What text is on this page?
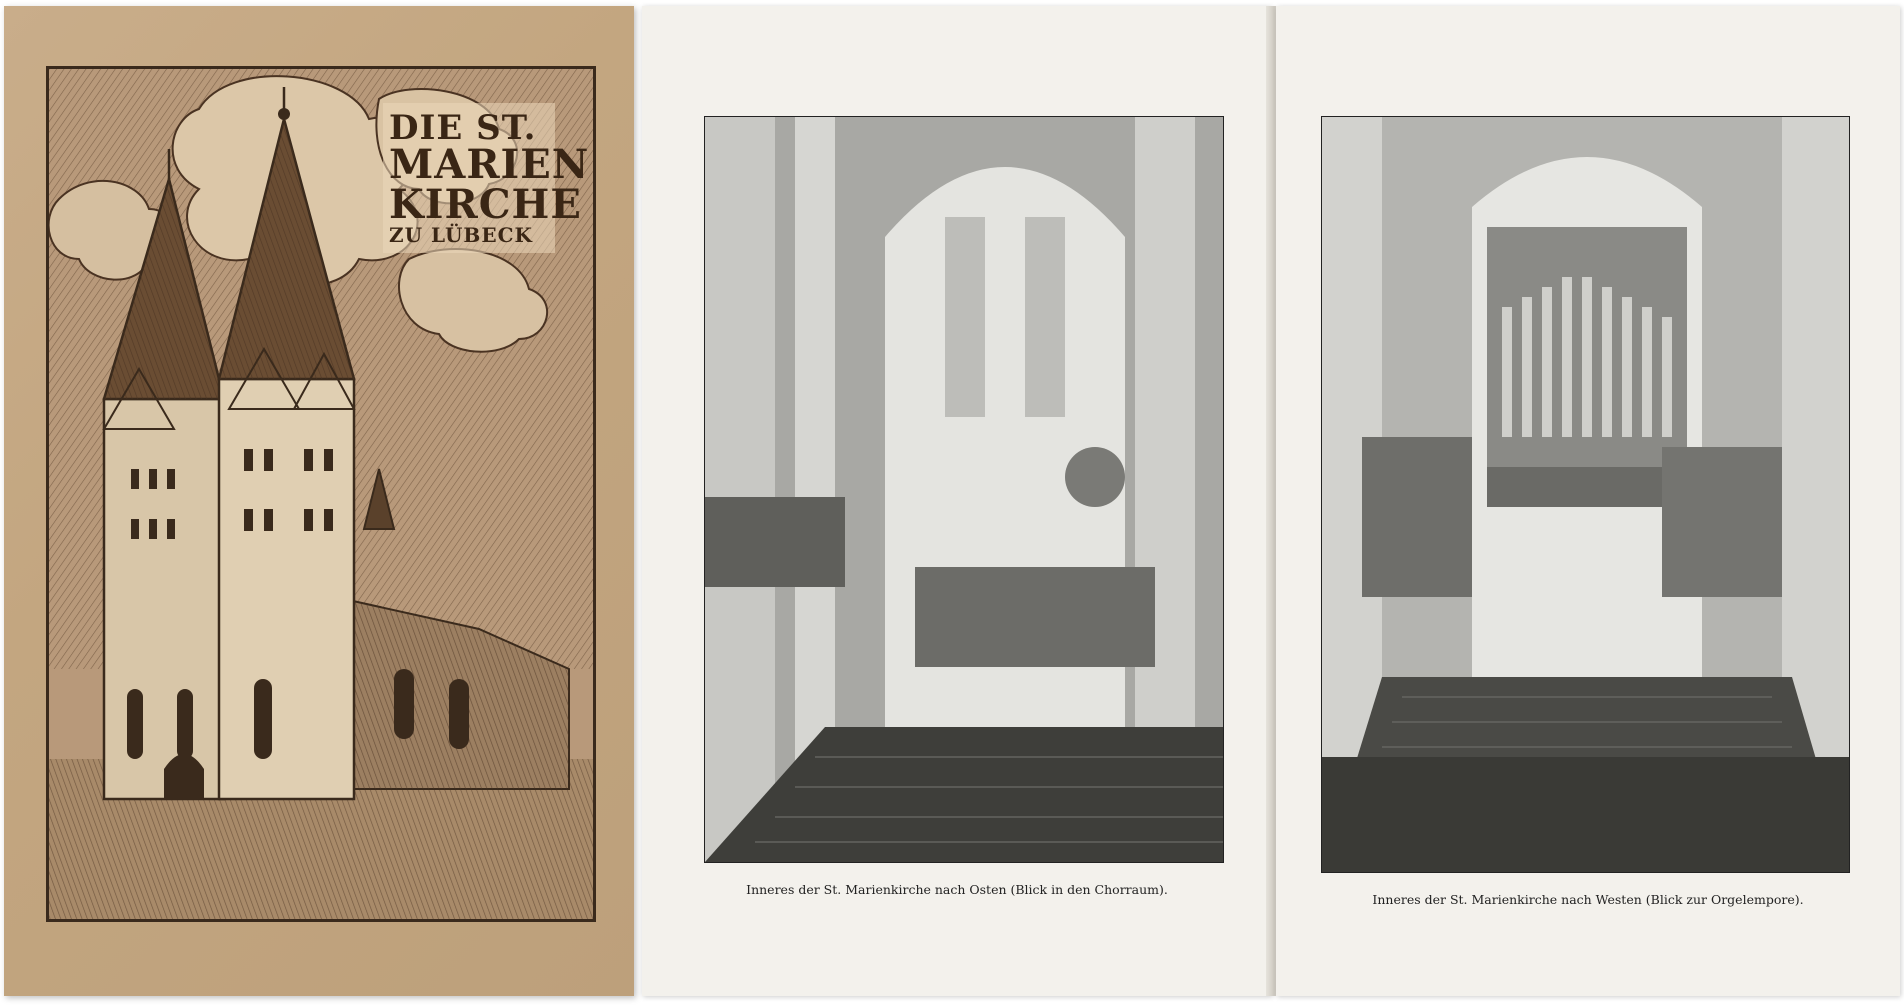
DIE ST.
MARIEN
KIRCHE
ZU LÜBECK
Inneres der St. Marienkirche nach Osten (Blick in den Chorraum).
Inneres der St. Marienkirche nach Westen (Blick zur Orgelempore).
